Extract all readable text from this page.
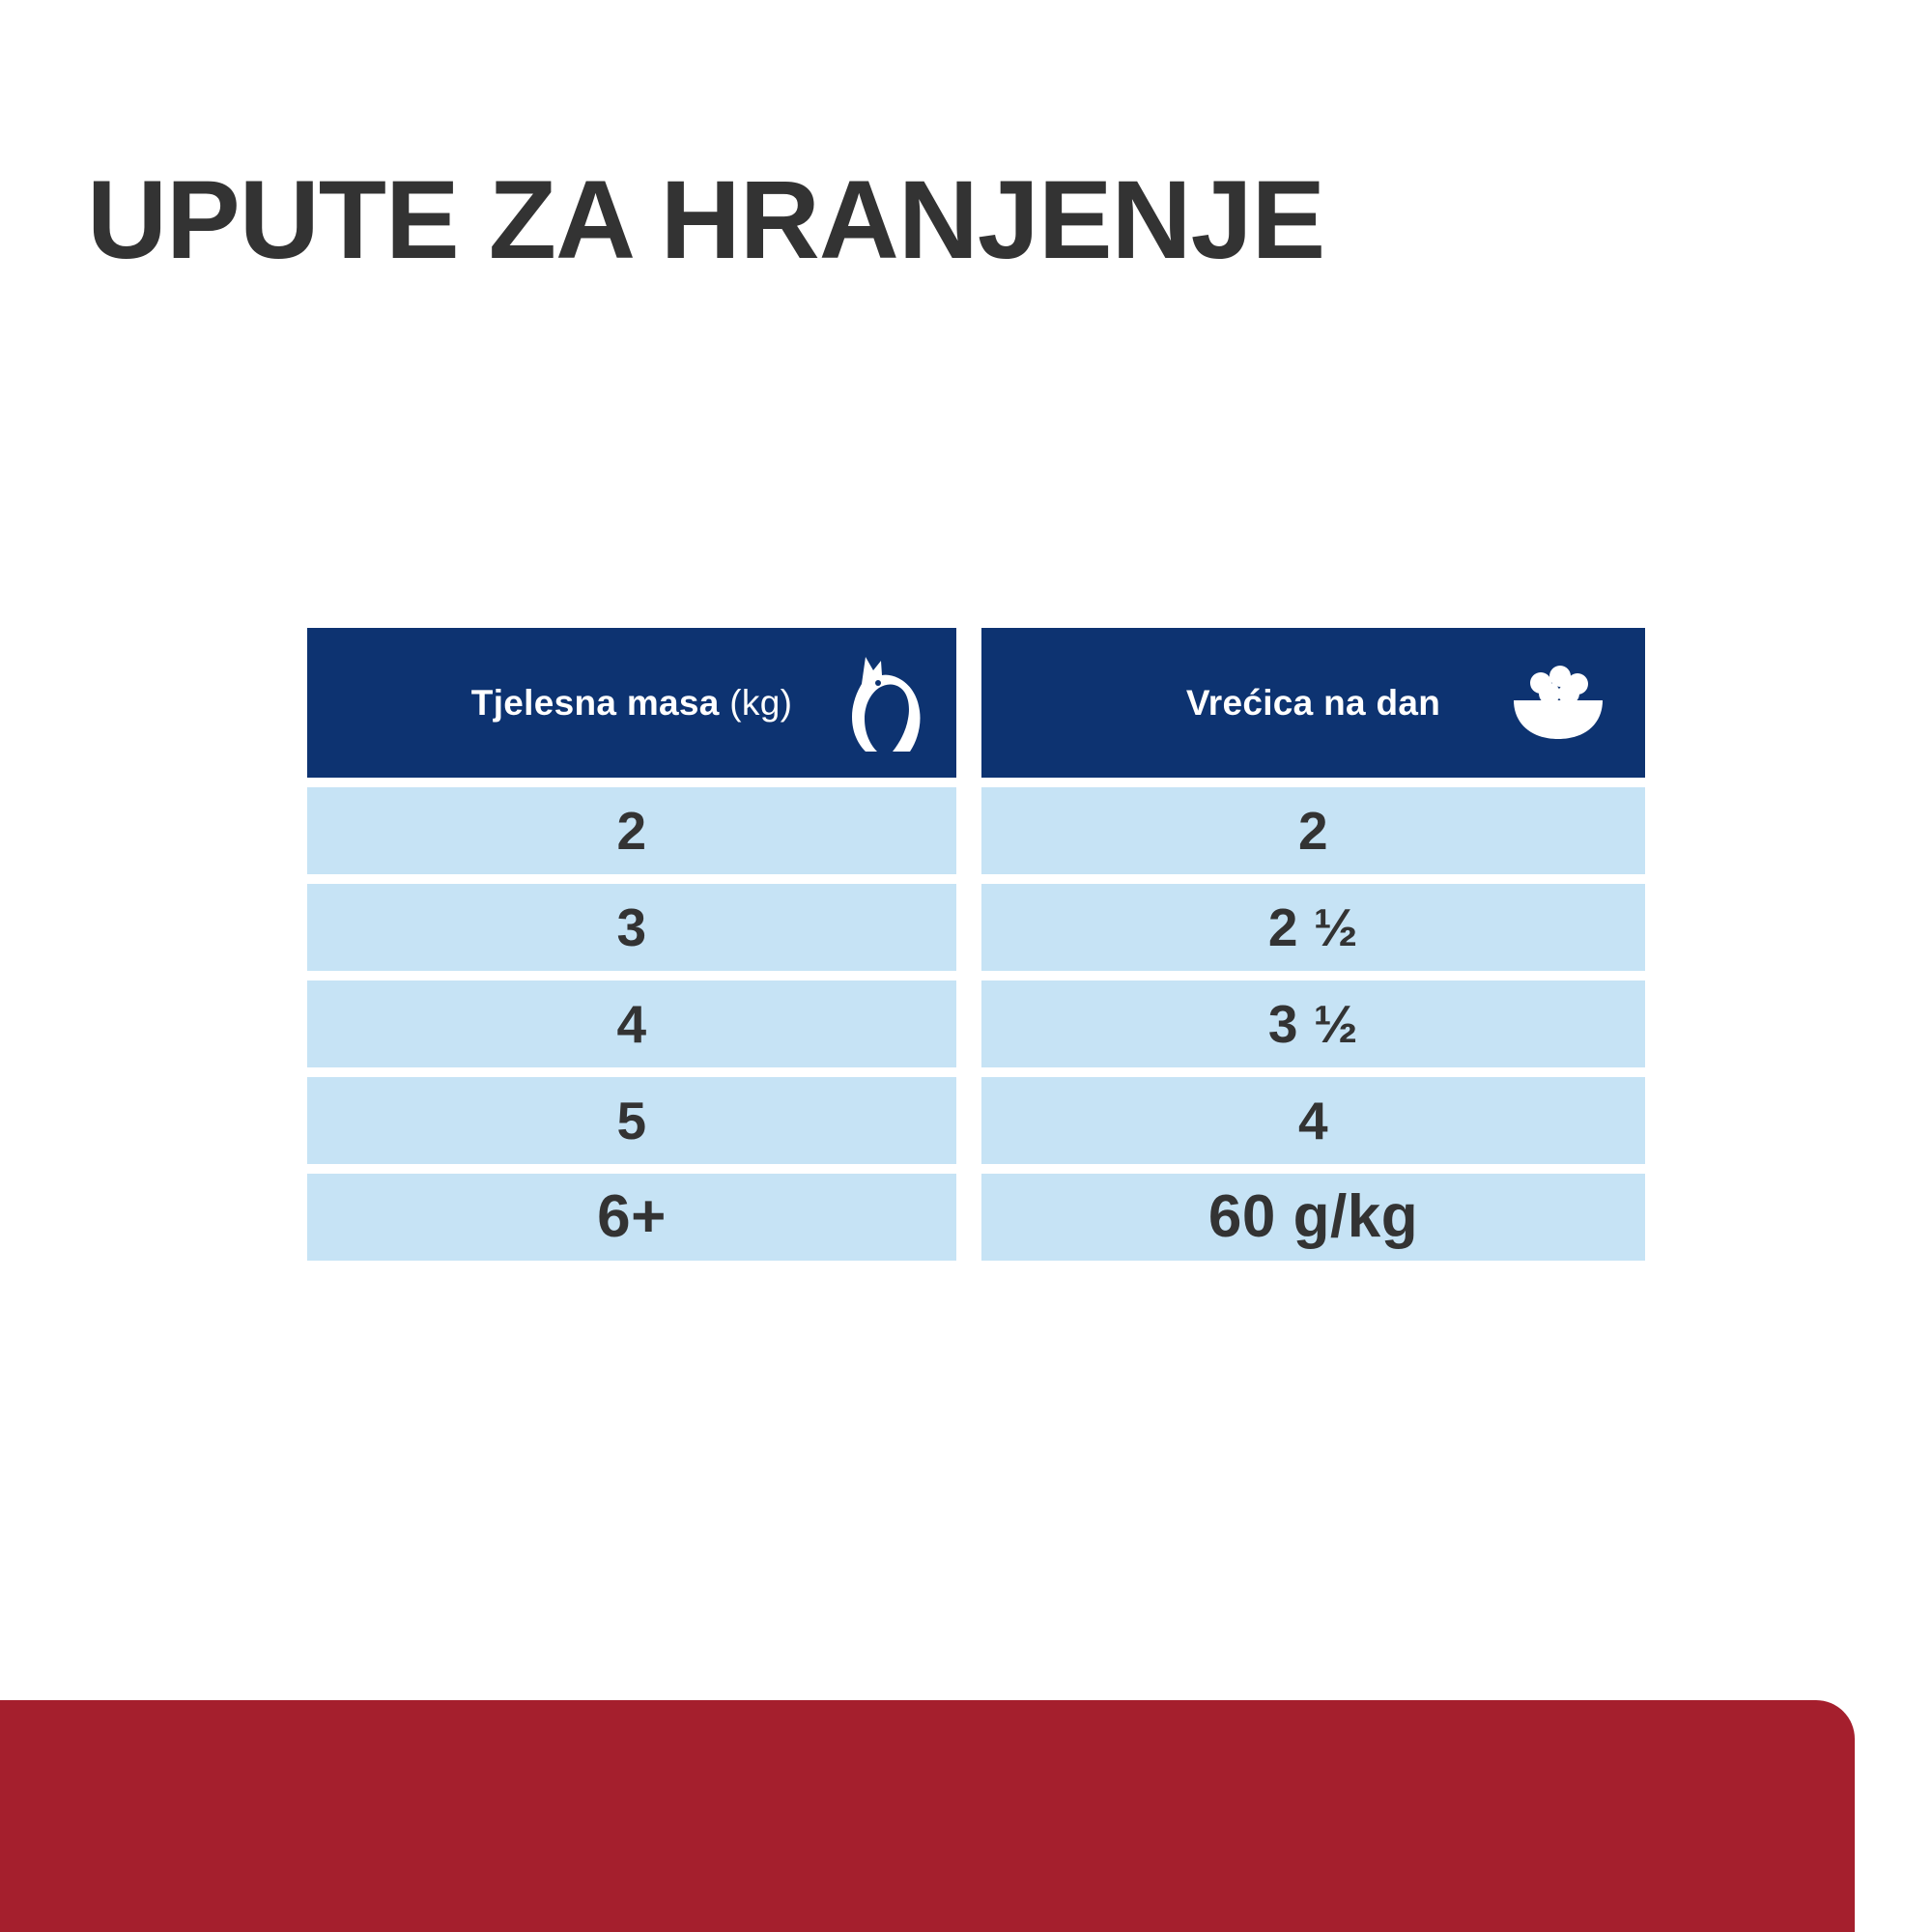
UPUTE ZA HRANJENJE
Tjelesna masa (kg)	Vrećica na dan
2	2
3	2 ½
4	3 ½
5	4
6+	60 g/kg
